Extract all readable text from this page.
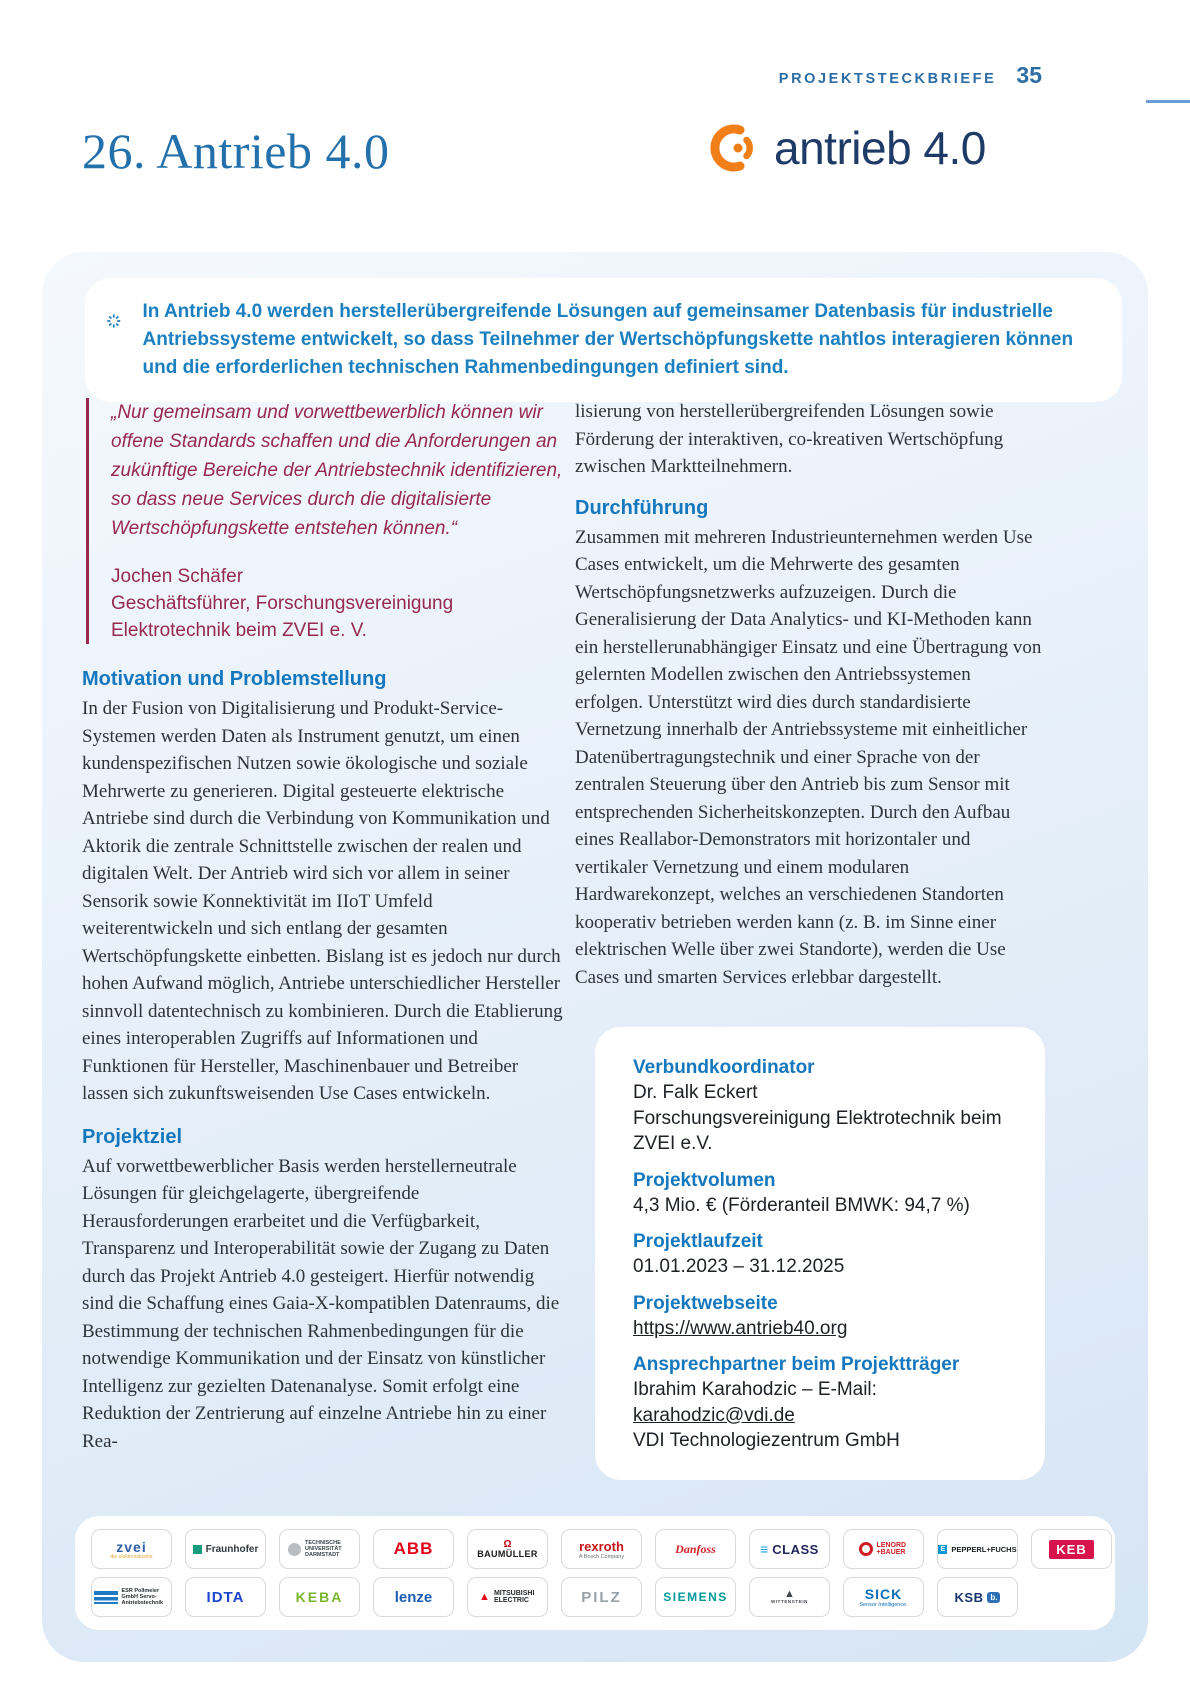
PROJEKTSTECKBRIEFE 35
26. Antrieb 4.0	antrieb 4.0

In Antrieb 4.0 werden herstellerübergreifende Lösungen auf gemeinsamer Datenbasis für industrielle Antriebssysteme entwickelt, so dass Teilnehmer der Wertschöpfungskette nahtlos interagieren können und die erforderlichen technischen Rahmenbedingungen definiert sind.

„Nur gemeinsam und vorwettbewerblich können wir offene Standards schaffen und die Anforderungen an zukünftige Bereiche der Antriebstechnik identifizieren, so dass neue Services durch die digitalisierte Wertschöpfungskette entstehen können.“

Jochen Schäfer

Geschäftsführer, Forschungsvereinigung
Elektrotechnik beim ZVEI e. V.

Motivation und Problemstellung

In der Fusion von Digitalisierung und Produkt-Service-Systemen werden Daten als Instrument genutzt, um einen kundenspezifischen Nutzen sowie ökologische und soziale Mehrwerte zu generieren. Digital gesteuerte elektrische Antriebe sind durch die Verbindung von Kommunikation und Aktorik die zentrale Schnittstelle zwischen der realen und digitalen Welt. Der Antrieb wird sich vor allem in seiner Sensorik sowie Konnektivität im IIoT Umfeld weiterentwickeln und sich entlang der gesamten Wertschöpfungskette einbetten. Bislang ist es jedoch nur durch hohen Aufwand möglich, Antriebe unterschiedlicher Hersteller sinnvoll datentechnisch zu kombinieren. Durch die Etablierung eines interoperablen Zugriffs auf Informationen und Funktionen für Hersteller, Maschinenbauer und Betreiber lassen sich zukunftsweisenden Use Cases entwickeln.

Projektziel

Auf vorwettbewerblicher Basis werden herstellerneutrale Lösungen für gleichgelagerte, übergreifende Herausforderungen erarbeitet und die Verfügbarkeit, Transparenz und Interoperabilität sowie der Zugang zu Daten durch das Projekt Antrieb 4.0 gesteigert. Hierfür notwendig sind die Schaffung eines Gaia-X-kompatiblen Datenraums, die Bestimmung der technischen Rahmenbedingungen für die notwendige Kommunikation und der Einsatz von künstlicher Intelligenz zur gezielten Datenanalyse. Somit erfolgt eine Reduktion der Zentrierung auf einzelne Antriebe hin zu einer Rea-

lisierung von herstellerübergreifenden Lösungen sowie Förderung der interaktiven, co-kreativen Wertschöpfung zwischen Marktteilnehmern.

Durchführung

Zusammen mit mehreren Industrieunternehmen werden Use Cases entwickelt, um die Mehrwerte des gesamten Wertschöpfungsnetzwerks aufzuzeigen. Durch die Generalisierung der Data Analytics- und KI-Methoden kann ein herstellerunabhängiger Einsatz und eine Übertragung von gelernten Modellen zwischen den Antriebssystemen erfolgen. Unterstützt wird dies durch standardisierte Vernetzung innerhalb der Antriebssysteme mit einheitlicher Datenübertragungstechnik und einer Sprache von der zentralen Steuerung über den Antrieb bis zum Sensor mit entsprechenden Sicherheitskonzepten. Durch den Aufbau eines Reallabor-Demonstrators mit horizontaler und vertikaler Vernetzung und einem modularen Hardwarekonzept, welches an verschiedenen Standorten kooperativ betrieben werden kann (z. B. im Sinne einer elektrischen Welle über zwei Standorte), werden die Use Cases und smarten Services erlebbar dargestellt.

Verbundkoordinator
Dr. Falk Eckert
Forschungsvereinigung Elektrotechnik beim ZVEI e.V.
Projektvolumen
4,3 Mio. € (Förderanteil BMWK: 94,7 %)
Projektlaufzeit
01.01.2023 – 31.12.2025
Projektwebseite
https://www.antrieb40.org
Ansprechpartner beim Projektträger
Ibrahim Karahodzic – E-Mail: karahodzic@vdi.de
VDI Technologiezentrum GmbH
zvei
die elektroindustrie
Fraunhofer
TECHNISCHE UNIVERSITÄT DARMSTADT	ABB	Ω
BAUMÜLLER	rexroth
A Bosch Company
Danfoss	≡ CLASS	LENORD +BAUER	E PEPPERL+FUCHS	KEB
ESR Pollmeier GmbH Servo-Antriebstechnik	IDTA	KEBA	lenze	▲ MITSUBISHI ELECTRIC	PILZ	SIEMENS	▲
WITTENSTEIN	SICK
Sensor Intelligence.
KSB b.
